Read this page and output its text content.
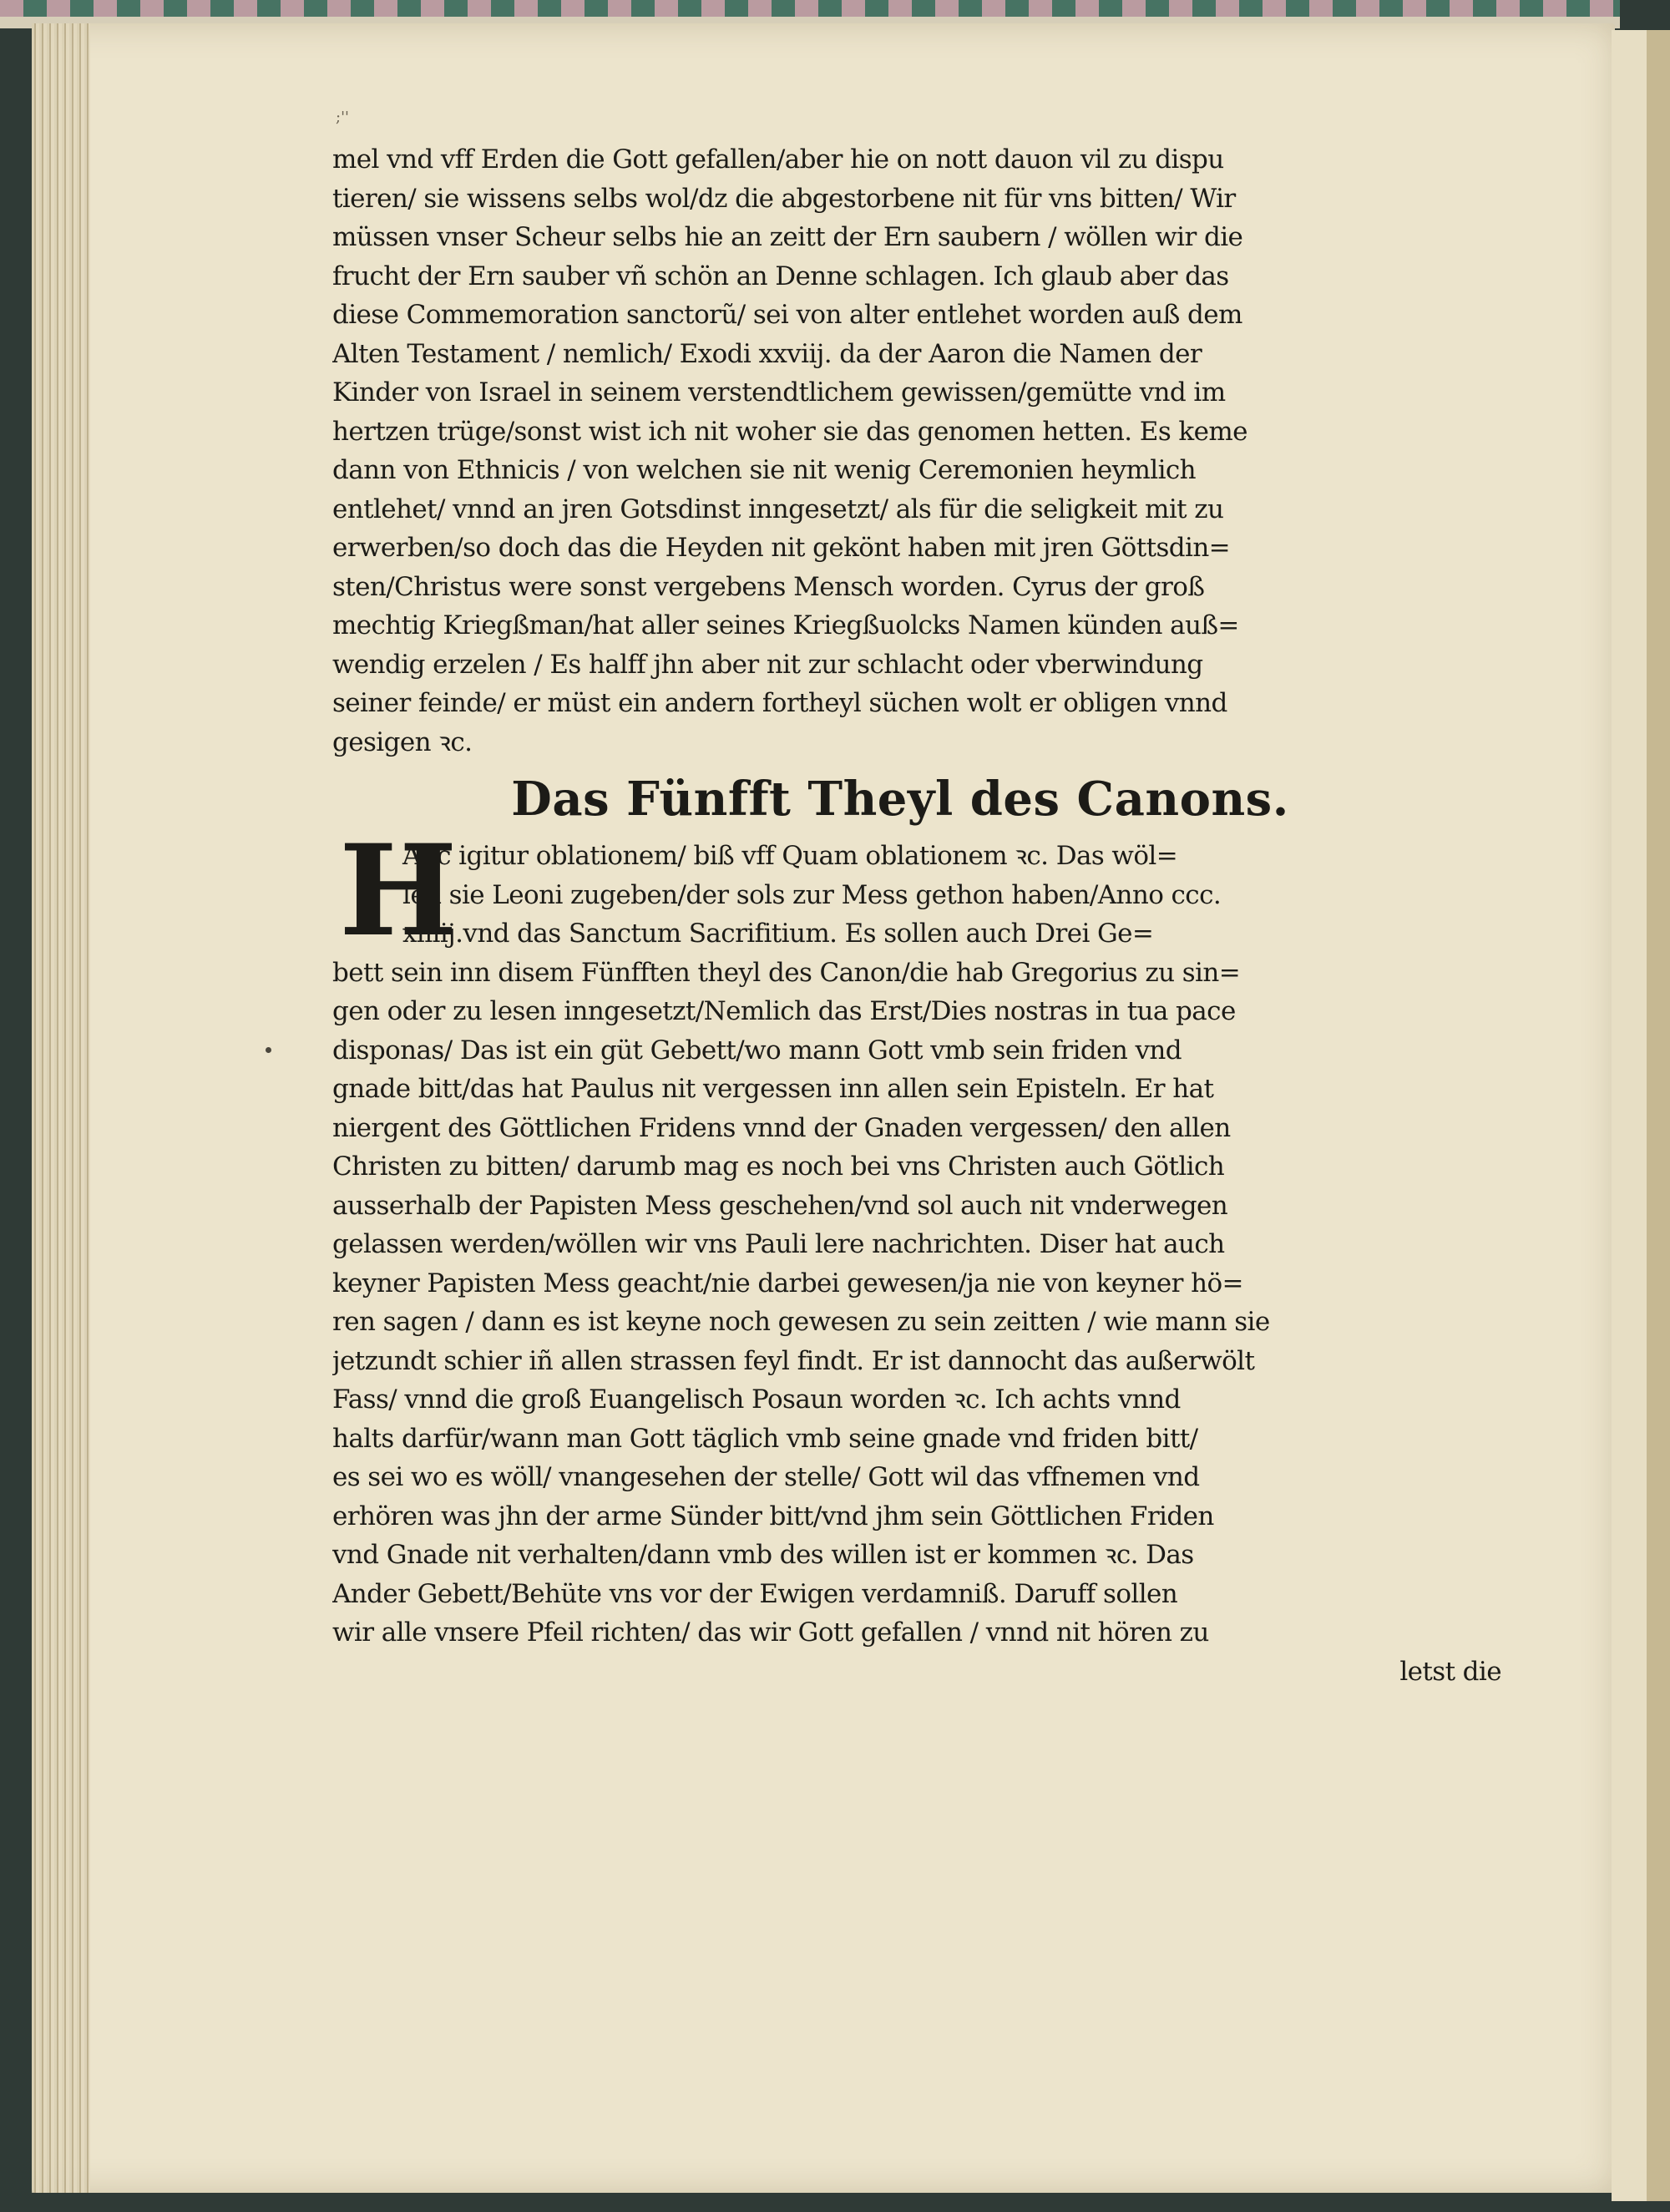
;''
mel vnd vff Erden die Gott gefallen/aber hie on nott dauon vil zu dispu
tieren/ sie wissens selbs wol/dz die abgestorbene nit für vns bitten/ Wir
müssen vnser Scheur selbs hie an zeitt der Ern saubern / wöllen wir die
frucht der Ern sauber vñ schön an Denne schlagen. Ich glaub aber das
diese Commemoration sanctorũ/ sei von alter entlehet worden auß dem
Alten Testament / nemlich/ Exodi xxviij. da der Aaron die Namen der
Kinder von Israel in seinem verstendtlichem gewissen/gemütte vnd im
hertzen trüge/sonst wist ich nit woher sie das genomen hetten. Es keme
dann von Ethnicis / von welchen sie nit wenig Ceremonien heymlich
entlehet/ vnnd an jren Gotsdinst inngesetzt/ als für die seligkeit mit zu
erwerben/so doch das die Heyden nit gekönt haben mit jren Göttsdin=
sten/Christus were sonst vergebens Mensch worden. Cyrus der groß
mechtig Kriegßman/hat aller seines Kriegßuolcks Namen künden auß=
wendig erzelen / Es halff jhn aber nit zur schlacht oder vberwindung
seiner feinde/ er müst ein andern fortheyl süchen wolt er obligen vnnd
gesigen ꝛc.
Das Fünfft Theyl des Canons.
H
Anc igitur oblationem/ biß vff Quam oblationem ꝛc. Das wöl=
len sie Leoni zugeben/der sols zur Mess gethon haben/Anno ccc.
xliiij.vnd das Sanctum Sacrifitium. Es sollen auch Drei Ge=
bett sein inn disem Fünfften theyl des Canon/die hab Gregorius zu sin=
gen oder zu lesen inngesetzt/Nemlich das Erst/Dies nostras in tua pace
disponas/ Das ist ein güt Gebett/wo mann Gott vmb sein friden vnd
gnade bitt/das hat Paulus nit vergessen inn allen sein Episteln. Er hat
niergent des Göttlichen Fridens vnnd der Gnaden vergessen/ den allen
Christen zu bitten/ darumb mag es noch bei vns Christen auch Götlich
ausserhalb der Papisten Mess geschehen/vnd sol auch nit vnderwegen
gelassen werden/wöllen wir vns Pauli lere nachrichten. Diser hat auch
keyner Papisten Mess geacht/nie darbei gewesen/ja nie von keyner hö=
ren sagen / dann es ist keyne noch gewesen zu sein zeitten / wie mann sie
jetzundt schier iñ allen strassen feyl findt. Er ist dannocht das außerwölt
Fass/ vnnd die groß Euangelisch Posaun worden ꝛc. Ich achts vnnd
halts darfür/wann man Gott täglich vmb seine gnade vnd friden bitt/
es sei wo es wöll/ vnangesehen der stelle/ Gott wil das vffnemen vnd
erhören was jhn der arme Sünder bitt/vnd jhm sein Göttlichen Friden
vnd Gnade nit verhalten/dann vmb des willen ist er kommen ꝛc. Das
Ander Gebett/Behüte vns vor der Ewigen verdamniß. Daruff sollen
wir alle vnsere Pfeil richten/ das wir Gott gefallen / vnnd nit hören zu
letst die
